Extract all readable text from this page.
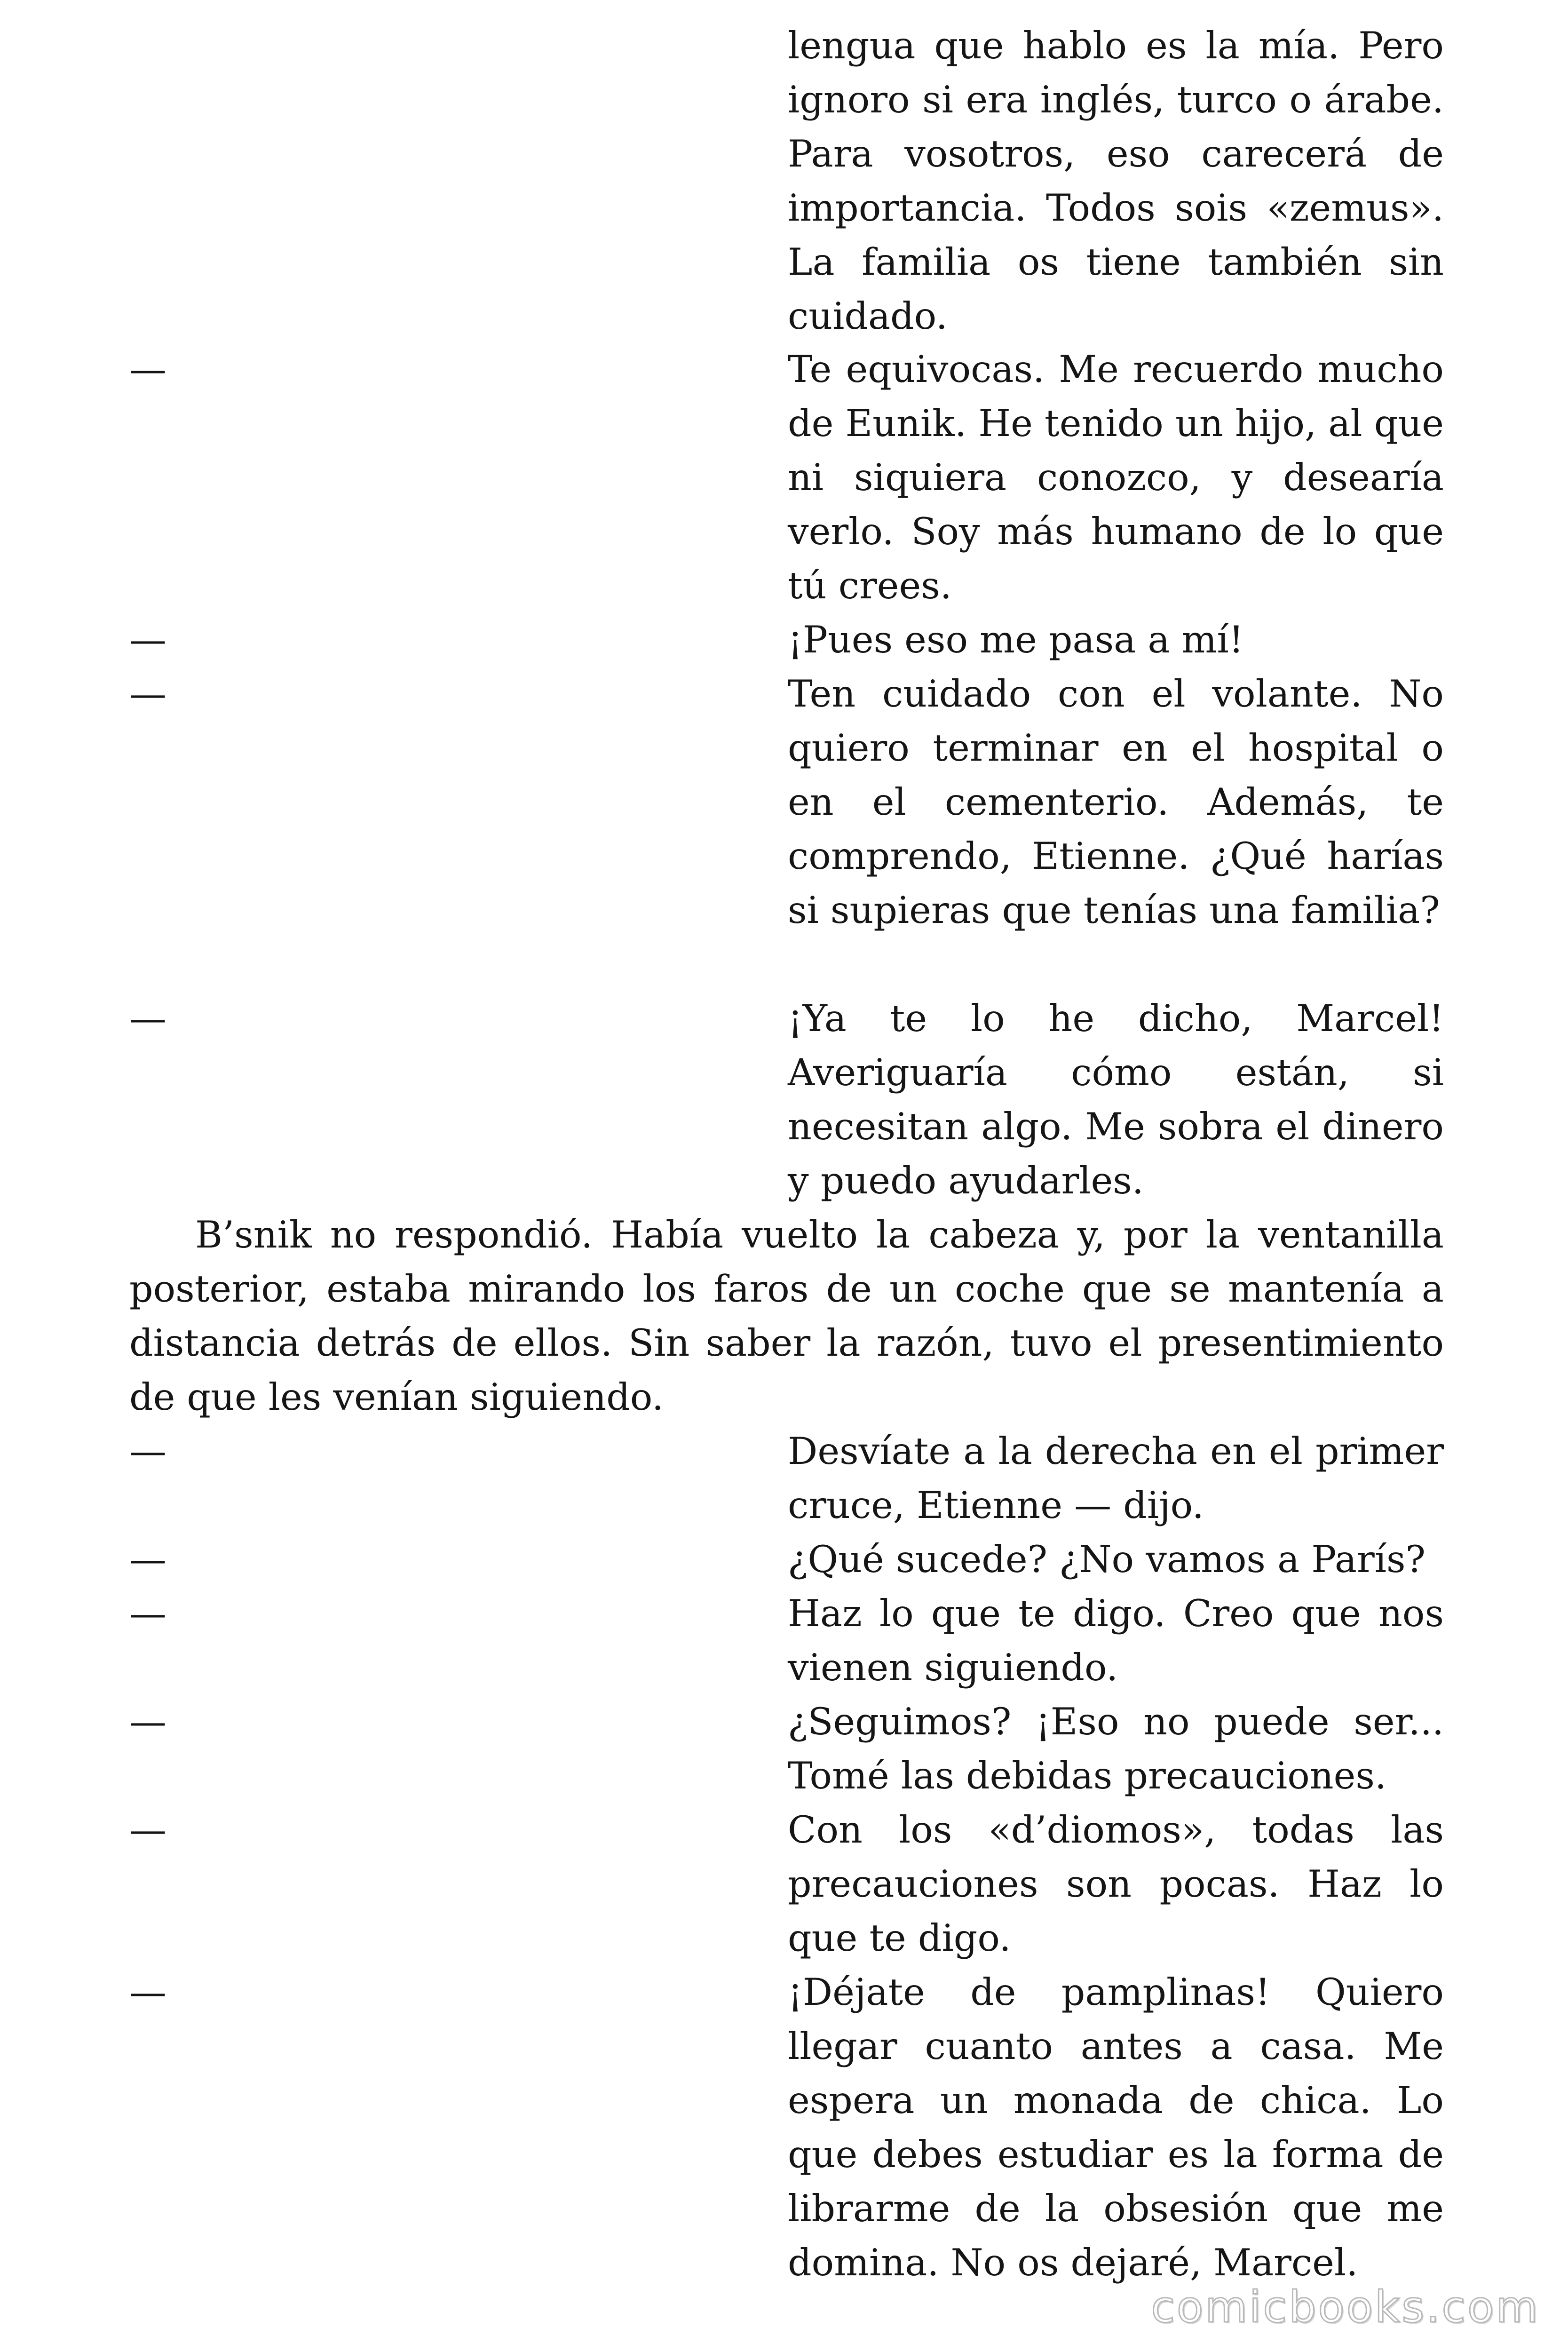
lengua que hablo es la mía. Pero ignoro si era inglés, turco o árabe. Para vosotros, eso carecerá de importancia. Todos sois «zemus». La familia os tiene también sin cuidado.
—	Te equivocas. Me recuerdo mucho de Eunik. He tenido un hijo, al que ni siquiera conozco, y desearía verlo. Soy más humano de lo que tú crees.
—	¡Pues eso me pasa a mí!
—	Ten cuidado con el volante. No quiero terminar en el hospital o en el cementerio. Además, te comprendo, Etienne. ¿Qué harías si supieras que tenías una familia?
—	¡Ya te lo he dicho, Marcel! Averiguaría cómo están, si necesitan algo. Me sobra el dinero y puedo ayudarles.
B’snik no respondió. Había vuelto la cabeza y, por la ventanilla posterior, estaba mirando los faros de un coche que se mantenía a distancia detrás de ellos. Sin saber la razón, tuvo el presentimiento de que les venían siguiendo.
—	Desvíate a la derecha en el primer cruce, Etienne — dijo.
—	¿Qué sucede? ¿No vamos a París?
—	Haz lo que te digo. Creo que nos vienen siguiendo.
—	¿Seguimos? ¡Eso no puede ser... Tomé las debidas precauciones.
—	Con los «d’diomos», todas las precauciones son pocas. Haz lo que te digo.
—	¡Déjate de pamplinas! Quiero llegar cuanto antes a casa. Me espera un monada de chica. Lo que debes estudiar es la forma de librarme de la obsesión que me domina. No os dejaré, Marcel.
comicbooks.com
